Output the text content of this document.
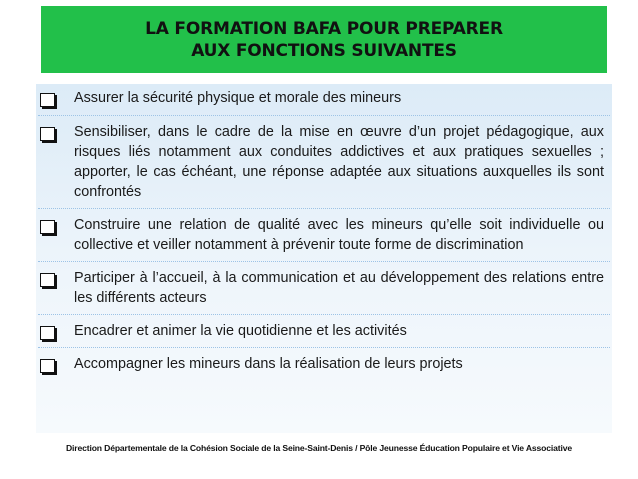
LA FORMATION BAFA POUR PREPARER
AUX FONCTIONS SUIVANTES
Assurer la sécurité physique et morale des mineurs
Sensibiliser, dans le cadre de la mise en œuvre d’un projet pédagogique, aux risques liés notamment aux conduites addictives et aux pratiques sexuelles ; apporter, le cas échéant, une réponse adaptée aux situations auxquelles ils sont confrontés
Construire une relation de qualité avec les mineurs qu’elle soit individuelle ou collective et veiller notamment à prévenir toute forme de discrimination
Participer à l’accueil, à la communication et au développement des relations entre les différents acteurs
Encadrer et animer la vie quotidienne et les activités
Accompagner les mineurs dans la réalisation de leurs projets
Direction Départementale de la Cohésion Sociale de la Seine-Saint-Denis / Pôle Jeunesse Éducation Populaire et Vie Associative
